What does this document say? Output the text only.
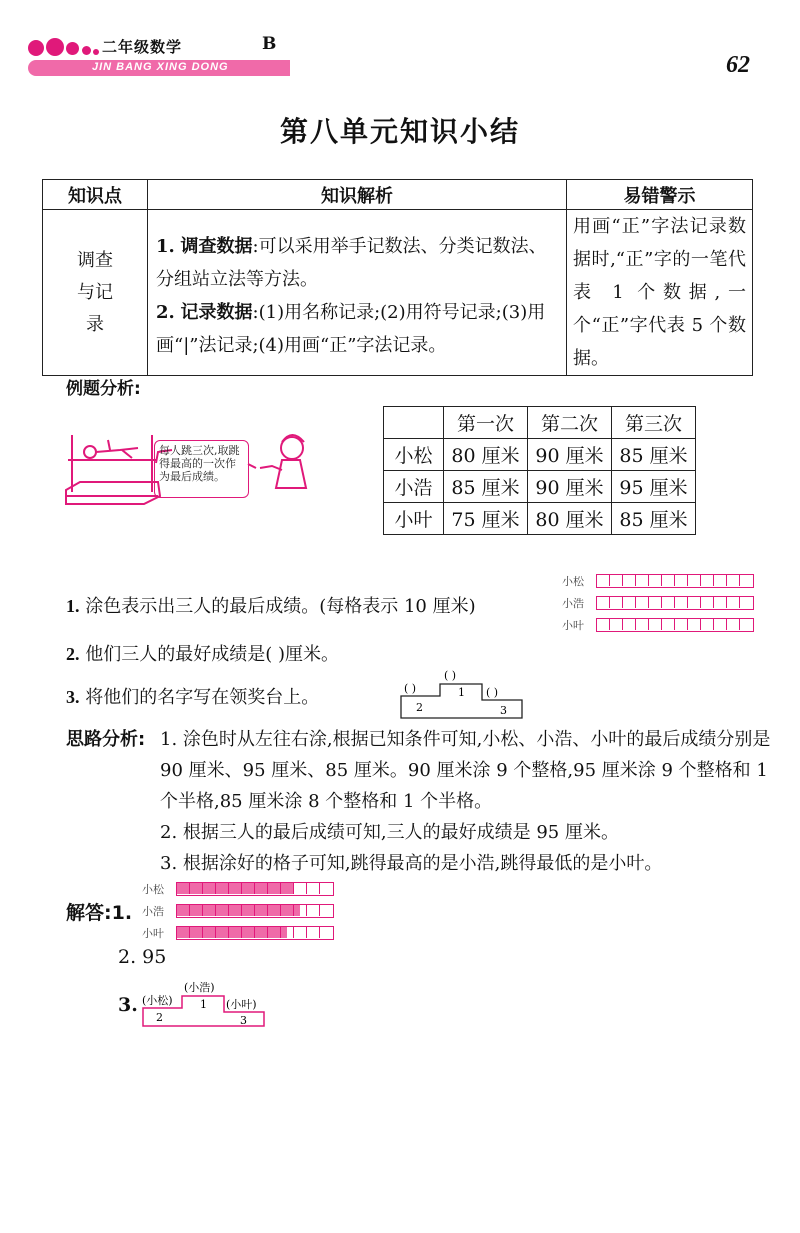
二年级数学	B
JIN BANG XING DONG	62
第八单元知识小结
知识点	知识解析	易错警示

调查与记录	1. 调查数据:可以采用举手记数法、分类记数法、分组站立法等方法。
2. 记录数据:(1)用名称记录;(2)用符号记录;(3)用画“|”法记录;(4)用画“正”字法记录。	用画“正”字法记录数据时,“正”字的一笔代表 1 个数据,一个“正”字代表 5 个数据。
例题分析:
每人跳三次,取跳得最高的一次作为最后成绩。
	第一次	第二次	第三次
小松	80 厘米	90 厘米	85 厘米
小浩	85 厘米	90 厘米	95 厘米
小叶	75 厘米	80 厘米	85 厘米
1. 涂色表示出三人的最后成绩。(每格表示 10 厘米)
2. 他们三人的最好成绩是( )厘米。
3. 将他们的名字写在领奖台上。
小松
小浩
小叶
( )
( )
( )
2
1
3
思路分析: 1. 涂色时从左往右涂,根据已知条件可知,小松、小浩、小叶的最后成绩分别是 90 厘米、95 厘米、85 厘米。90 厘米涂 9 个整格,95 厘米涂 9 个整格和 1 个半格,85 厘米涂 8 个整格和 1 个半格。
2. 根据三人的最后成绩可知,三人的最好成绩是 95 厘米。
3. 根据涂好的格子可知,跳得最高的是小浩,跳得最低的是小叶。
解答:1.
小松
小浩
小叶
2. 95
3. (小松)
(小浩)
(小叶)
2
1
3
